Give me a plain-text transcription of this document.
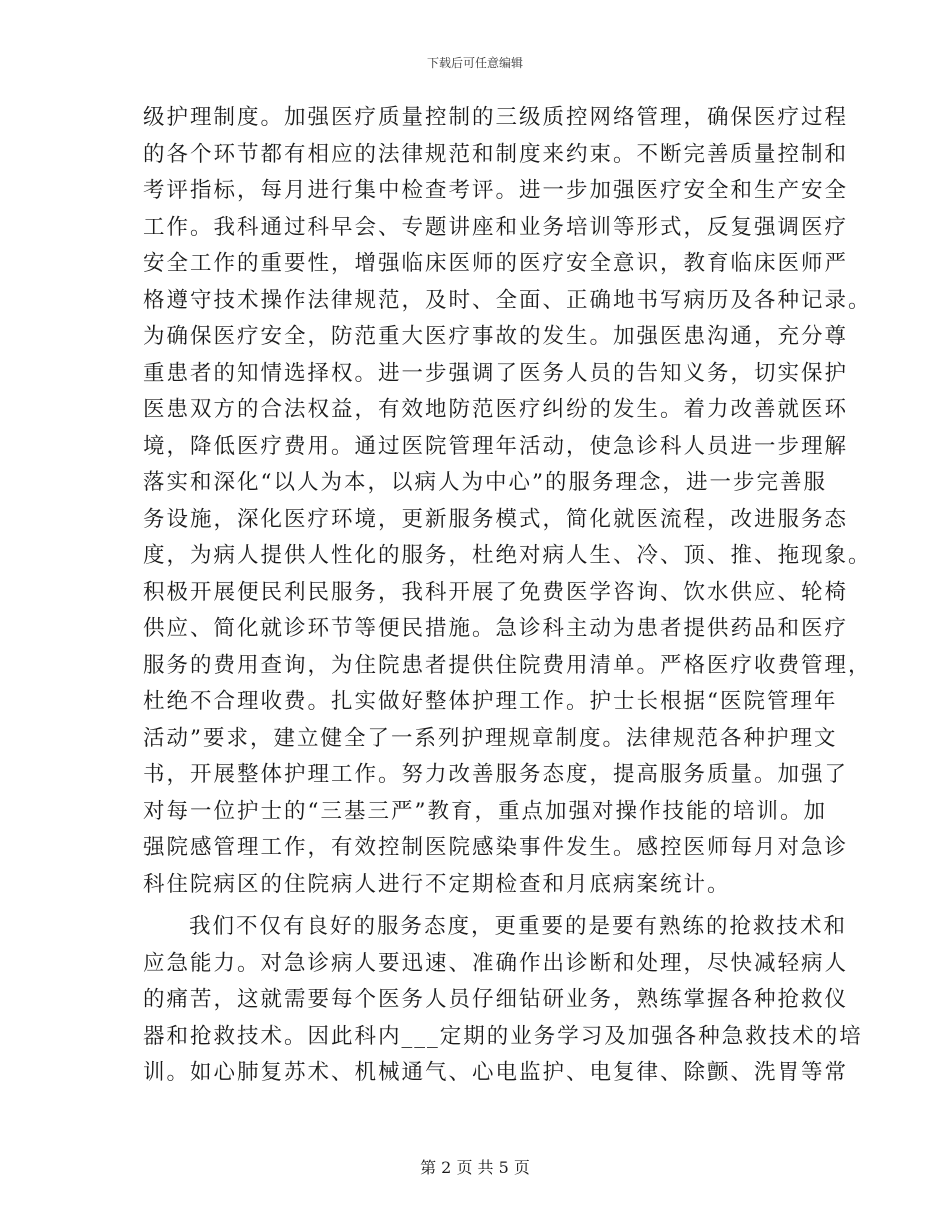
下载后可任意编辑
级护理制度。加强医疗质量控制的三级质控网络管理，确保医疗过程
的各个环节都有相应的法律规范和制度来约束。不断完善质量控制和
考评指标，每月进行集中检查考评。进一步加强医疗安全和生产安全
工作。我科通过科早会、专题讲座和业务培训等形式，反复强调医疗
安全工作的重要性，增强临床医师的医疗安全意识，教育临床医师严
格遵守技术操作法律规范，及时、全面、正确地书写病历及各种记录。
为确保医疗安全，防范重大医疗事故的发生。加强医患沟通，充分尊
重患者的知情选择权。进一步强调了医务人员的告知义务，切实保护
医患双方的合法权益，有效地防范医疗纠纷的发生。着力改善就医环
境，降低医疗费用。通过医院管理年活动，使急诊科人员进一步理解
落实和深化“以人为本，以病人为中心”的服务理念，进一步完善服
务设施，深化医疗环境，更新服务模式，简化就医流程，改进服务态
度，为病人提供人性化的服务，杜绝对病人生、冷、顶、推、拖现象。
积极开展便民利民服务，我科开展了免费医学咨询、饮水供应、轮椅
供应、简化就诊环节等便民措施。急诊科主动为患者提供药品和医疗
服务的费用查询，为住院患者提供住院费用清单。严格医疗收费管理，
杜绝不合理收费。扎实做好整体护理工作。护士长根据“医院管理年
活动”要求，建立健全了一系列护理规章制度。法律规范各种护理文
书，开展整体护理工作。努力改善服务态度，提高服务质量。加强了
对每一位护士的“三基三严”教育，重点加强对操作技能的培训。加
强院感管理工作，有效控制医院感染事件发生。感控医师每月对急诊
科住院病区的住院病人进行不定期检查和月底病案统计。
我们不仅有良好的服务态度，更重要的是要有熟练的抢救技术和
应急能力。对急诊病人要迅速、准确作出诊断和处理，尽快减轻病人
的痛苦，这就需要每个医务人员仔细钻研业务，熟练掌握各种抢救仪
器和抢救技术。因此科内___定期的业务学习及加强各种急救技术的培
训。如心肺复苏术、机械通气、心电监护、电复律、除颤、洗胃等常
第 2 页 共 5 页
